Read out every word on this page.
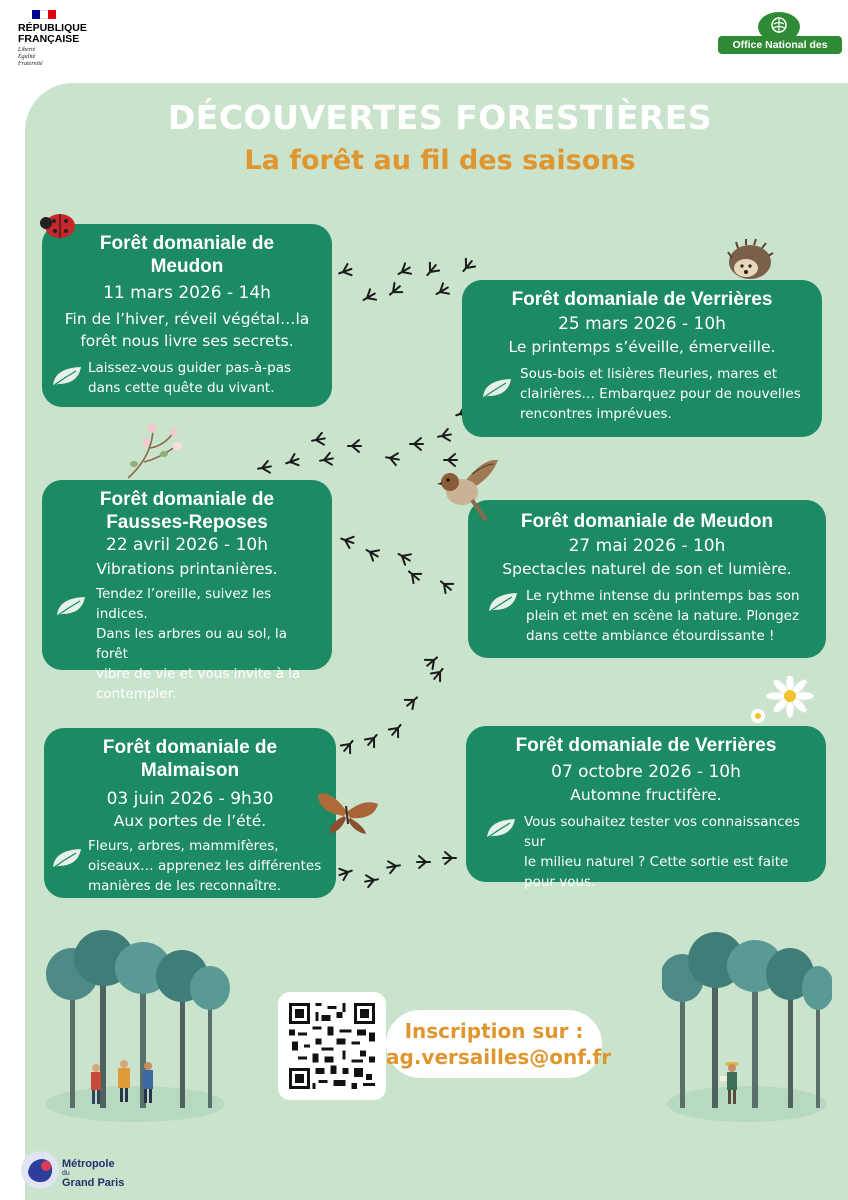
RÉPUBLIQUE
FRANÇAISE
Liberté
Égalité
Fraternité
Office National des Forêts
DÉCOUVERTES FORESTIÈRES
La forêt au fil des saisons
Forêt domaniale de
Meudon
11 mars 2026 - 14h
Fin de l’hiver, réveil végétal…la
forêt nous livre ses secrets.
Laissez-vous guider pas-à-pas
dans cette quête du vivant.
Forêt domaniale de Verrières
25 mars 2026 - 10h
Le printemps s’éveille, émerveille.
Sous-bois et lisières fleuries, mares et
clairières… Embarquez pour de nouvelles
rencontres imprévues.
Forêt domaniale de
Fausses-Reposes
22 avril 2026 - 10h
Vibrations printanières.
Tendez l’oreille, suivez les indices.
Dans les arbres ou au sol, la forêt
vibre de vie et vous invite à la
contempler.
Forêt domaniale de Meudon
27 mai 2026 - 10h
Spectacles naturel de son et lumière.
Le rythme intense du printemps bas son
plein et met en scène la nature. Plongez
dans cette ambiance étourdissante !
Forêt domaniale de
Malmaison
03 juin 2026 - 9h30
Aux portes de l’été.
Fleurs, arbres, mammifères,
oiseaux… apprenez les différentes
manières de les reconnaître.
Forêt domaniale de Verrières
07 octobre 2026 - 10h
Automne fructifère.
Vous souhaitez tester vos connaissances sur
le milieu naturel ? Cette sortie est faite
pour vous.
Inscription sur :
ag.versailles@onf.fr
Métropole
du
Grand Paris
